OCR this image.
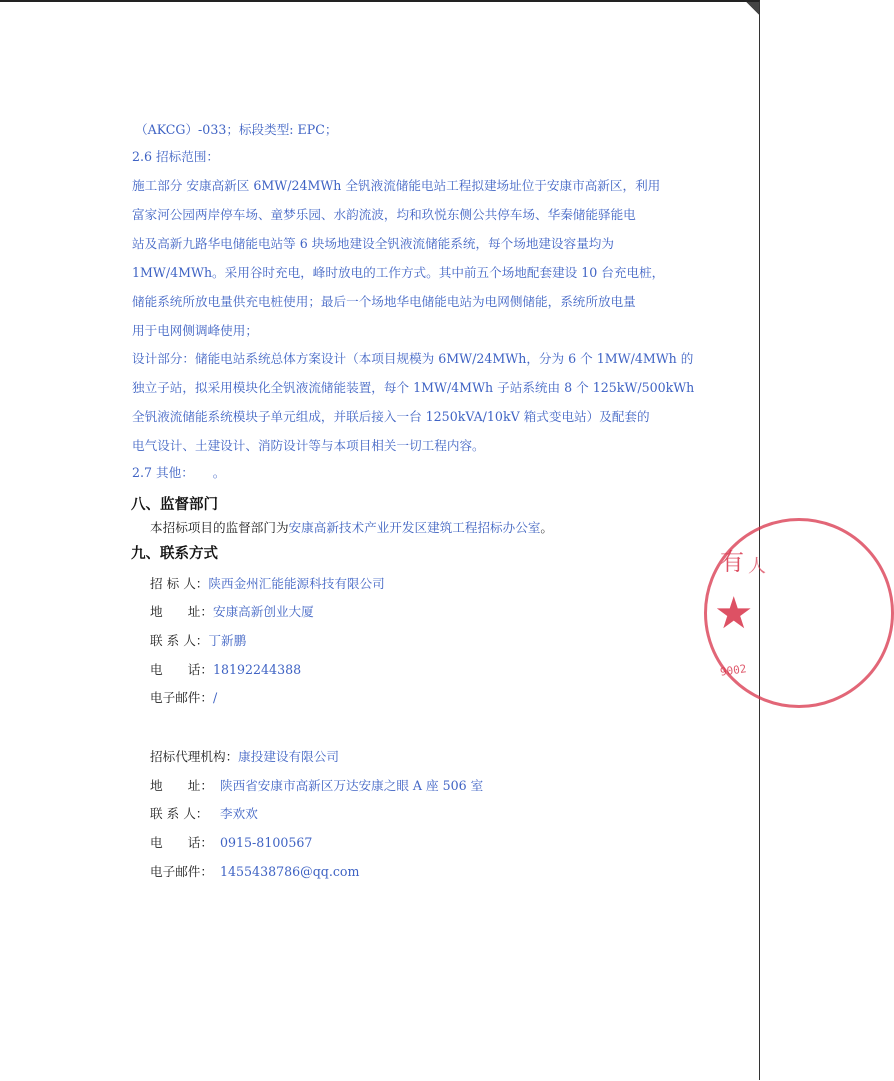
（AKCG）-033；标段类型: EPC；
2.6 招标范围：
施工部分 安康高新区 6MW/24MWh 全钒液流储能电站工程拟建场址位于安康市高新区，利用
富家河公园两岸停车场、童梦乐园、水韵流波，均和玖悦东侧公共停车场、华秦储能驿能电
站及高新九路华电储能电站等 6 块场地建设全钒液流储能系统，每个场地建设容量均为
1MW/4MWh。采用谷时充电，峰时放电的工作方式。其中前五个场地配套建设 10 台充电桩，
储能系统所放电量供充电桩使用；最后一个场地华电储能电站为电网侧储能，系统所放电量
用于电网侧调峰使用；
设计部分：储能电站系统总体方案设计（本项目规模为 6MW/24MWh，分为 6 个 1MW/4MWh 的
独立子站，拟采用模块化全钒液流储能装置，每个 1MW/4MWh 子站系统由 8 个 125kW/500kWh
全钒液流储能系统模块子单元组成，并联后接入一台 1250kVA/10kV 箱式变电站）及配套的
电气设计、土建设计、消防设计等与本项目相关一切工程内容。
2.7 其他：　　。
八、监督部门
本招标项目的监督部门为安康高新技术产业开发区建筑工程招标办公室。
九、联系方式
招 标 人：陕西金州汇能能源科技有限公司
地　　址：安康高新创业大厦
联 系 人：丁新鹏
电　　话：18192244388
电子邮件：/
招标代理机构：康投建设有限公司
地　　址： 陕西省安康市高新区万达安康之眼 A 座 506 室
联 系 人： 李欢欢
电　　话： 0915-8100567
电子邮件： 1455438786@qq.com
有 人
★
9002
